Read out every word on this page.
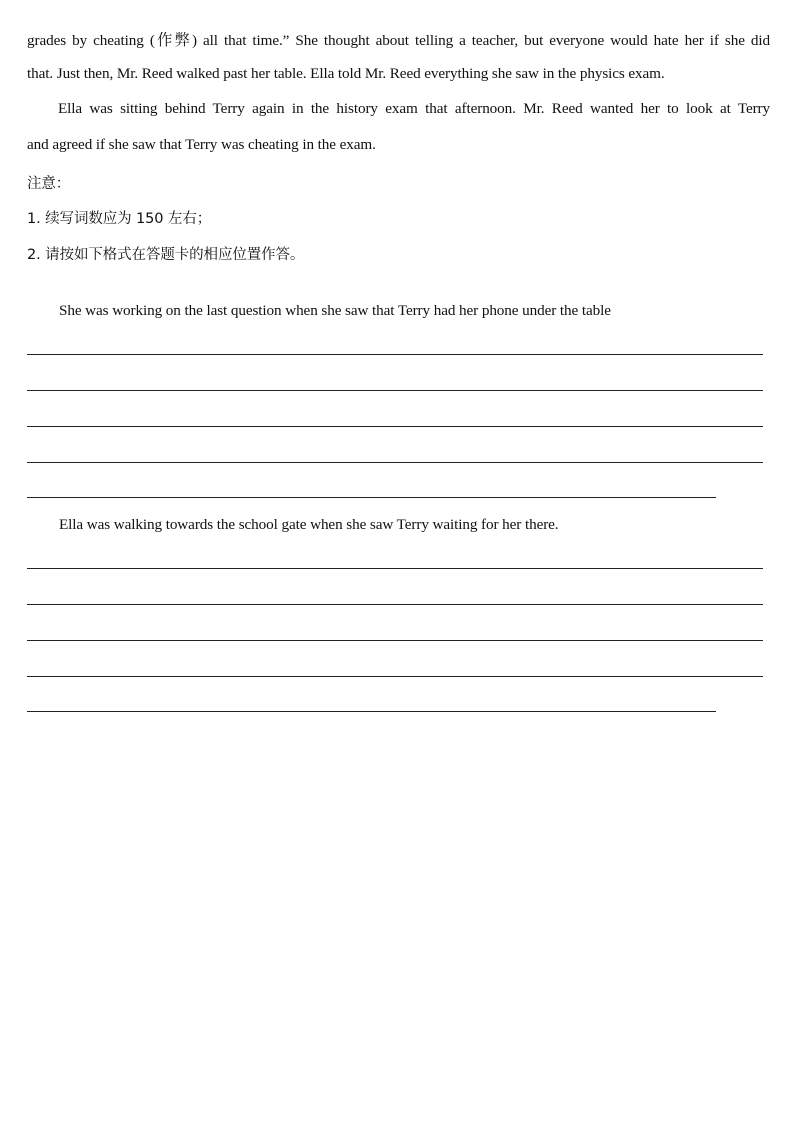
grades by cheating (作弊) all that time.” She thought about telling a teacher, but everyone would hate her if she did
that. Just then, Mr. Reed walked past her table. Ella told Mr. Reed everything she saw in the physics exam.
Ella was sitting behind Terry again in the history exam that afternoon. Mr. Reed wanted her to look at Terry
and agreed if she saw that Terry was cheating in the exam.
注意：
1. 续写词数应为 150 左右；
2. 请按如下格式在答题卡的相应位置作答。
She was working on the last question when she saw that Terry had her phone under the table
Ella was walking towards the school gate when she saw Terry waiting for her there.
